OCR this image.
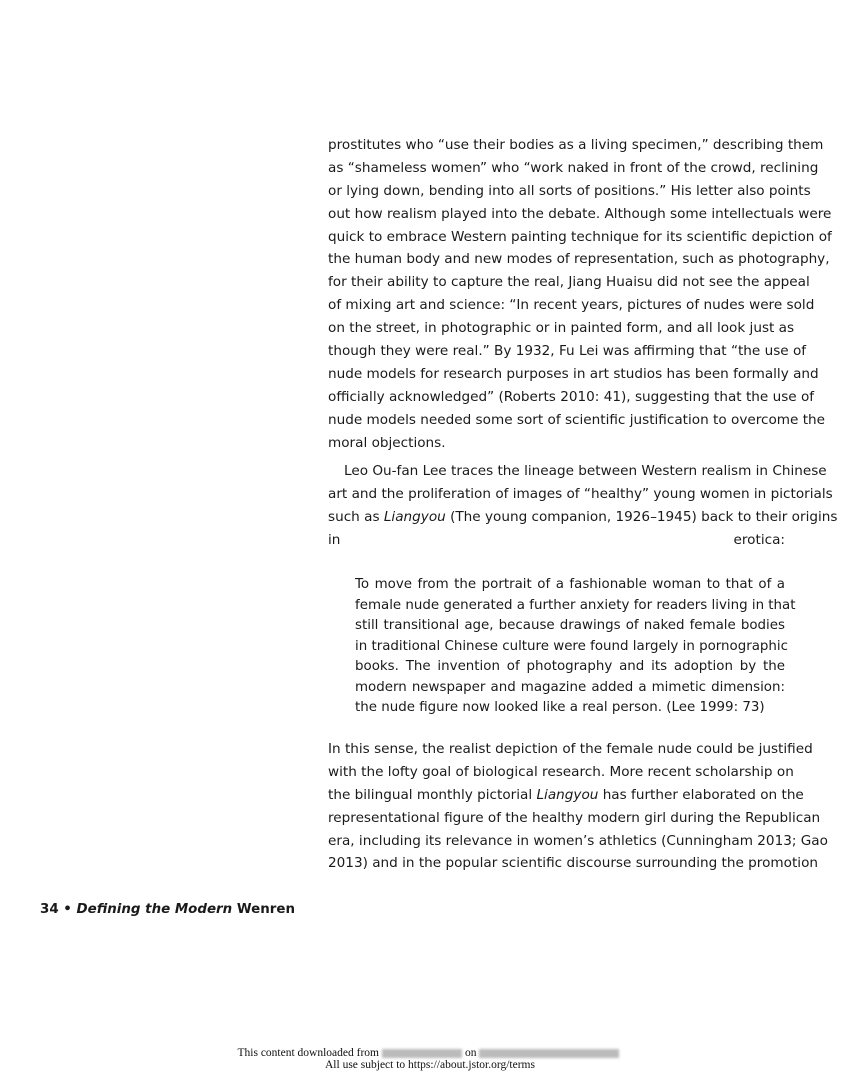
prostitutes who “use their bodies as a living specimen,” describing them
as “shameless women” who “work naked in front of the crowd, reclining
or lying down, bending into all sorts of positions.” His letter also points
out how realism played into the debate. Although some intellectuals were
quick to embrace Western painting technique for its scientific depiction of
the human body and new modes of representation, such as photography,
for their ability to capture the real, Jiang Huaisu did not see the appeal
of mixing art and science: “In recent years, pictures of nudes were sold
on the street, in photographic or in painted form, and all look just as
though they were real.” By 1932, Fu Lei was affirming that “the use of
nude models for research purposes in art studios has been formally and
officially acknowledged” (Roberts 2010: 41), suggesting that the use of
nude models needed some sort of scientific justification to overcome the
moral objections.
Leo Ou-fan Lee traces the lineage between Western realism in Chinese
art and the proliferation of images of “healthy” young women in pictorials
such as Liangyou (The young companion, 1926–1945) back to their origins
in erotica:
To move from the portrait of a fashionable woman to that of a
female nude generated a further anxiety for readers living in that
still transitional age, because drawings of naked female bodies
in traditional Chinese culture were found largely in pornographic
books. The invention of photography and its adoption by the
modern newspaper and magazine added a mimetic dimension:
the nude figure now looked like a real person. (Lee 1999: 73)
In this sense, the realist depiction of the female nude could be justified
with the lofty goal of biological research. More recent scholarship on
the bilingual monthly pictorial Liangyou has further elaborated on the
representational figure of the healthy modern girl during the Republican
era, including its relevance in women’s athletics (Cunningham 2013; Gao
2013) and in the popular scientific discourse surrounding the promotion
34 • Defining the Modern Wenren
This content downloaded from	on
All use subject to https://about.jstor.org/terms
